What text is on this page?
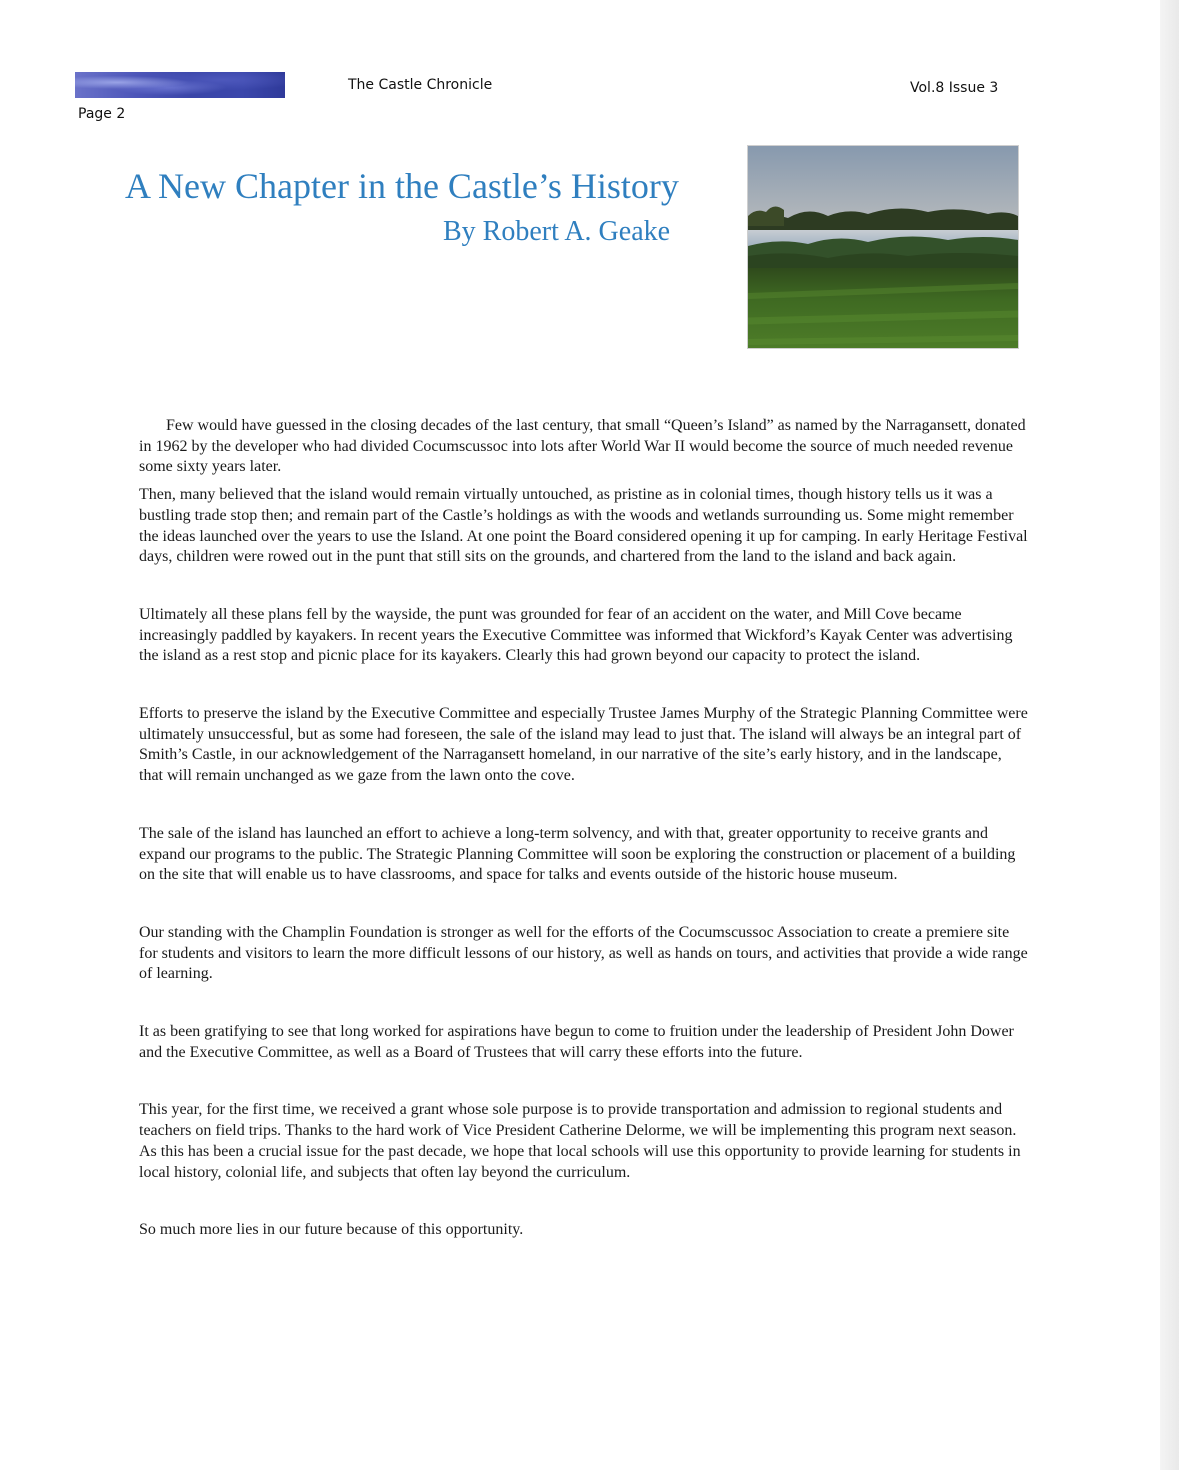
The Castle Chronicle	Vol.8 Issue 3
Page 2
A New Chapter in the Castle’s History
By Robert A. Geake

Few would have guessed in the closing decades of the last century, that small “Queen’s Island” as named by the Narragansett, donated in 1962 by the developer who had divided Cocumscussoc into lots after World War II would become the source of much needed revenue some sixty years later.

Then, many believed that the island would remain virtually untouched, as pristine as in colonial times, though history tells us it was a bustling trade stop then; and remain part of the Castle’s holdings as with the woods and wetlands surrounding us. Some might remember the ideas launched over the years to use the Island. At one point the Board considered opening it up for camping. In early Heritage Festival days, children were rowed out in the punt that still sits on the grounds, and chartered from the land to the island and back again.

Ultimately all these plans fell by the wayside, the punt was grounded for fear of an accident on the water, and Mill Cove became increasingly paddled by kayakers. In recent years the Executive Committee was informed that Wickford’s Kayak Center was advertising the island as a rest stop and picnic place for its kayakers. Clearly this had grown beyond our capacity to protect the island.

Efforts to preserve the island by the Executive Committee and especially Trustee James Murphy of the Strategic Planning Committee were ultimately unsuccessful, but as some had foreseen, the sale of the island may lead to just that. The island will always be an integral part of Smith’s Castle, in our acknowledgement of the Narragansett homeland, in our narrative of the site’s early history, and in the landscape, that will remain unchanged as we gaze from the lawn onto the cove.

The sale of the island has launched an effort to achieve a long-term solvency, and with that, greater opportunity to receive grants and expand our programs to the public. The Strategic Planning Committee will soon be exploring the construction or placement of a building on the site that will enable us to have classrooms, and space for talks and events outside of the historic house museum.

Our standing with the Champlin Foundation is stronger as well for the efforts of the Cocumscussoc Association to create a premiere site for students and visitors to learn the more difficult lessons of our history, as well as hands on tours, and activities that provide a wide range of learning.

It as been gratifying to see that long worked for aspirations have begun to come to fruition under the leadership of President John Dower and the Executive Committee, as well as a Board of Trustees that will carry these efforts into the future.

This year, for the first time, we received a grant whose sole purpose is to provide transportation and admission to regional students and teachers on field trips. Thanks to the hard work of Vice President Catherine Delorme, we will be implementing this program next season. As this has been a crucial issue for the past decade, we hope that local schools will use this opportunity to provide learning for students in local history, colonial life, and subjects that often lay beyond the curriculum.

So much more lies in our future because of this opportunity.
